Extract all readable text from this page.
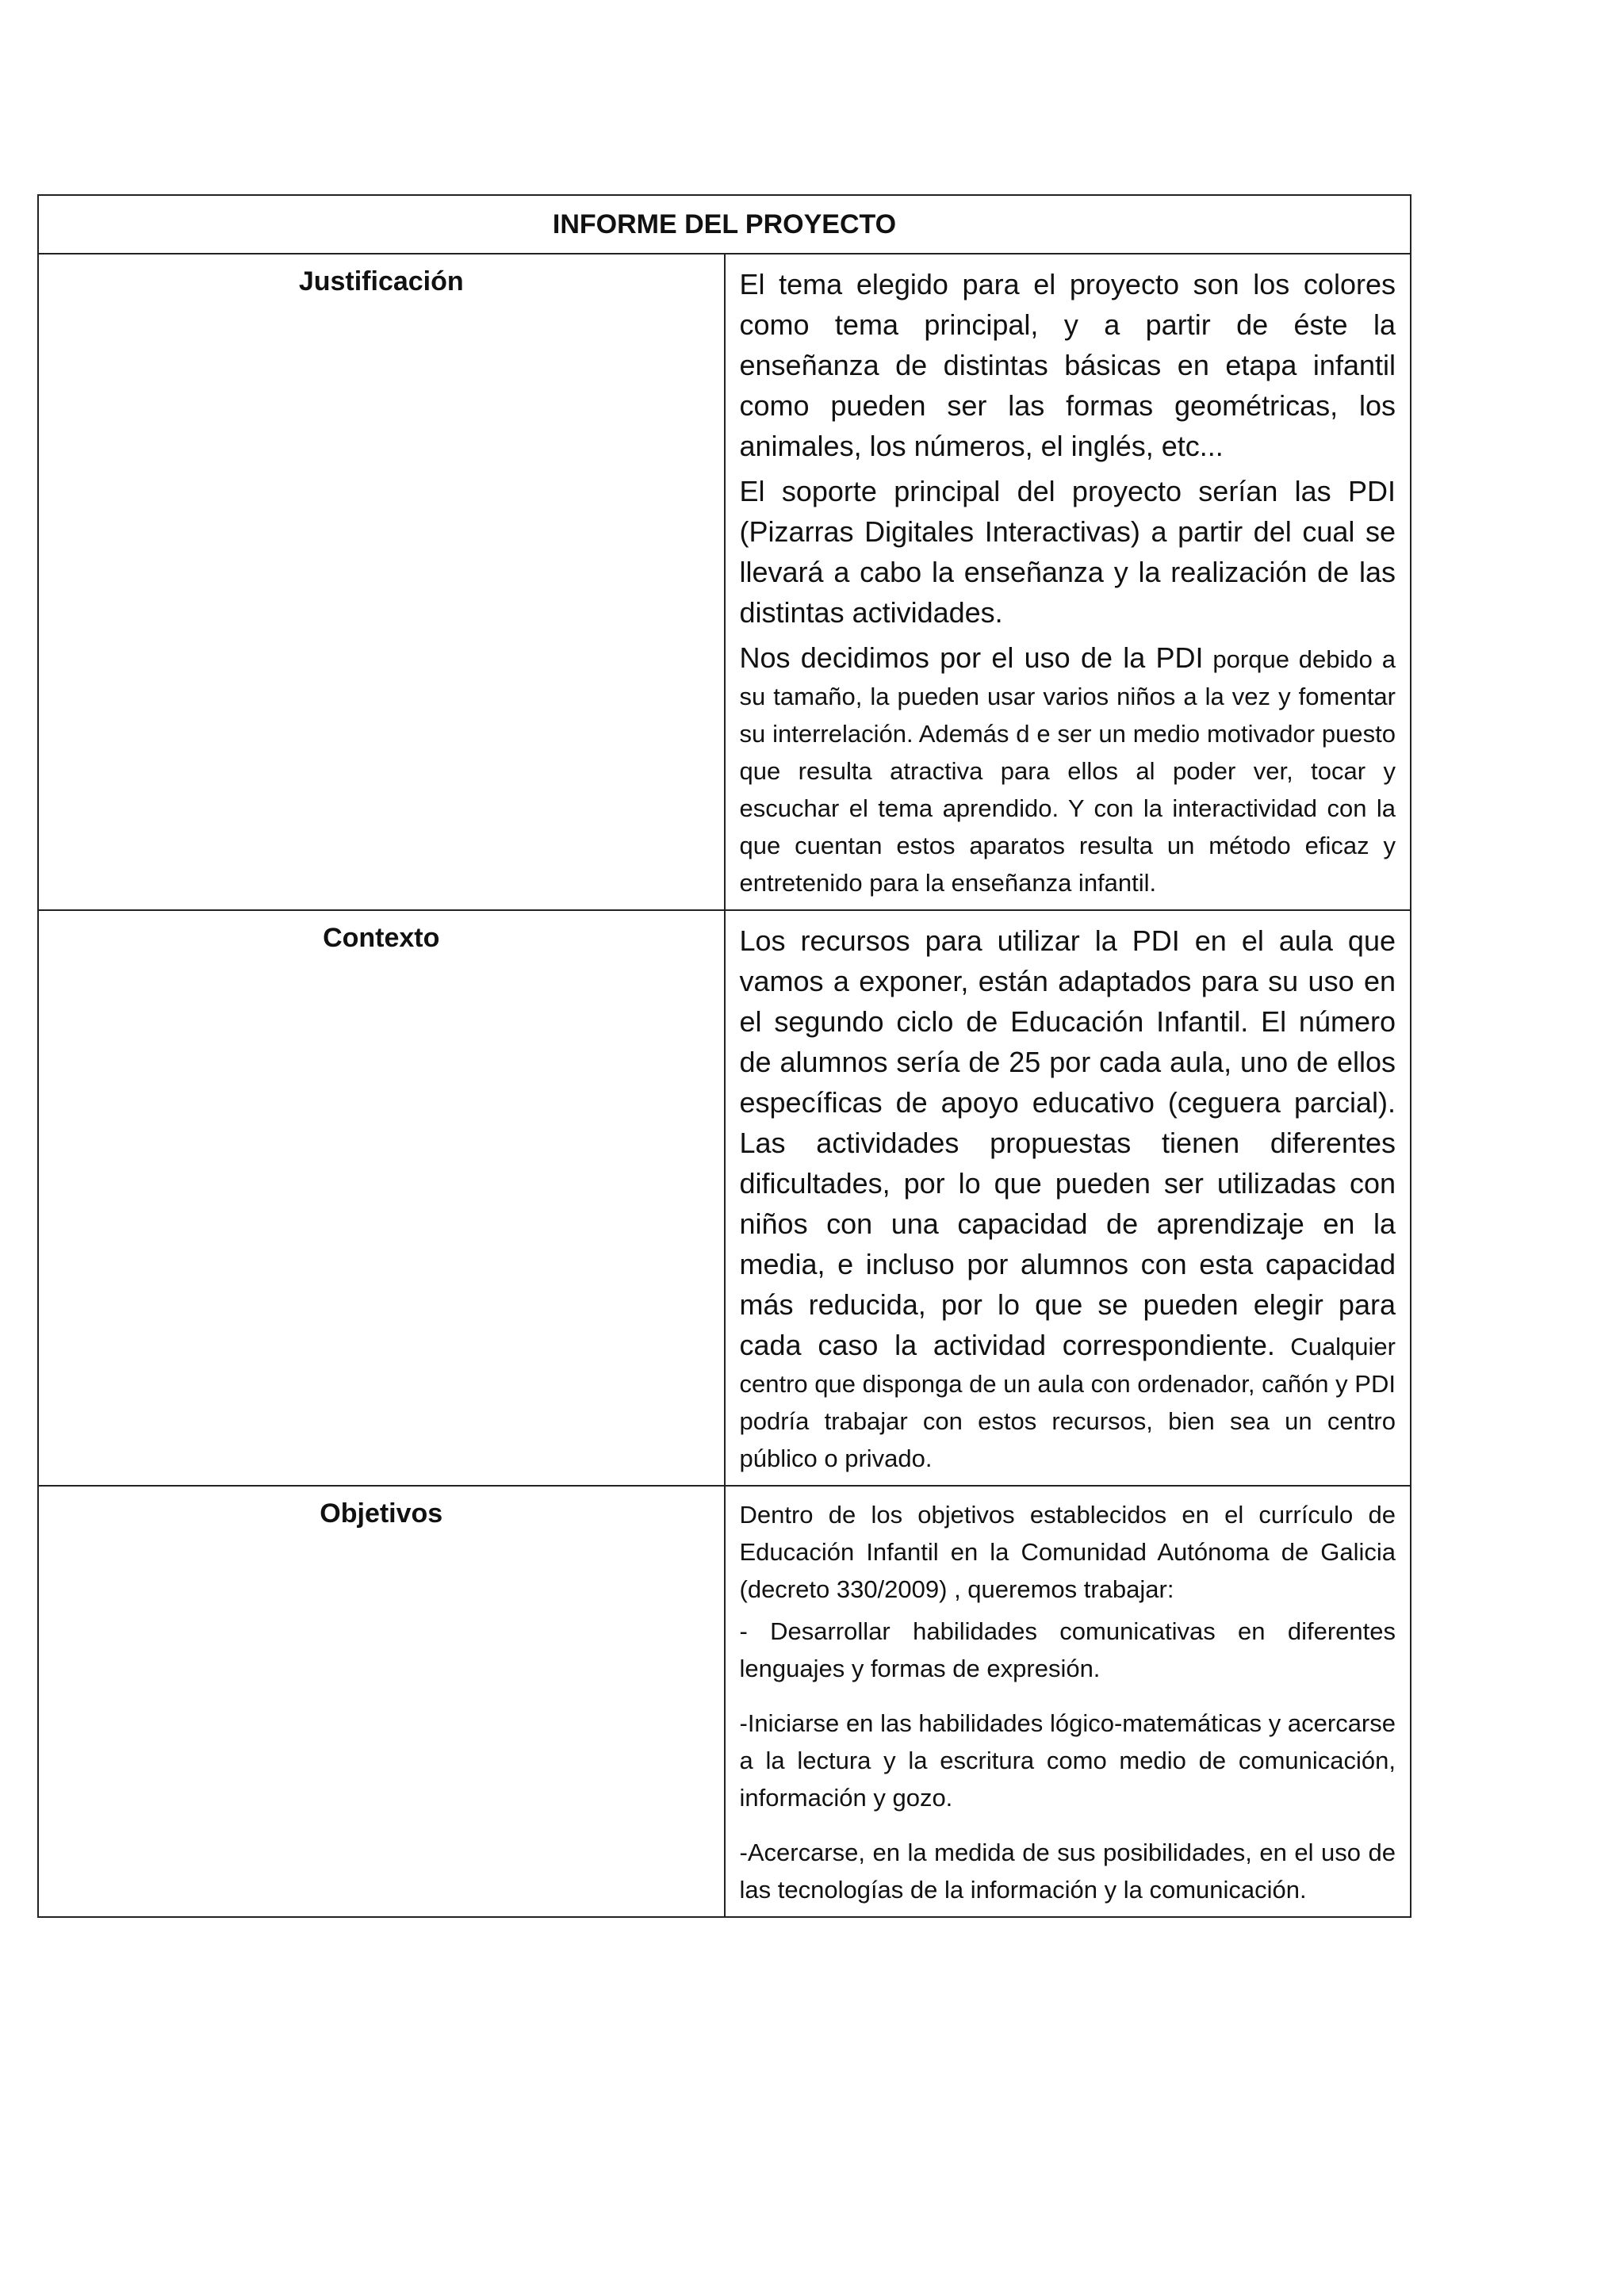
INFORME DEL PROYECTO	
Justificación	El tema elegido para el proyecto son los colores como tema principal, y a partir de éste la enseñanza de distintas básicas en etapa infantil como pueden ser las formas geométricas, los animales, los números, el inglés, etc...

El soporte principal del proyecto serían las PDI (Pizarras Digitales Interactivas) a partir del cual se llevará a cabo la enseñanza y la realización de las distintas actividades.

Nos decidimos por el uso de la PDI porque debido a su tamaño, la pueden usar varios niños a la vez y fomentar su interrelación. Además d e ser un medio motivador puesto que resulta atractiva para ellos al poder ver, tocar y escuchar el tema aprendido. Y con la interactividad con la que cuentan estos aparatos resulta un método eficaz y entretenido para la enseñanza infantil.

Contexto	Los recursos para utilizar la PDI en el aula que vamos a exponer, están adaptados para su uso en el segundo ciclo de Educación Infantil. El número de alumnos sería de 25 por cada aula, uno de ellos específicas de apoyo educativo (ceguera parcial). Las actividades propuestas tienen diferentes dificultades, por lo que pueden ser utilizadas con niños con una capacidad de aprendizaje en la media, e incluso por alumnos con esta capacidad más reducida, por lo que se pueden elegir para cada caso la actividad correspondiente. Cualquier centro que disponga de un aula con ordenador, cañón y PDI podría trabajar con estos recursos, bien sea un centro público o privado.

Objetivos	Dentro de los objetivos establecidos en el currículo de Educación Infantil en la Comunidad Autónoma de Galicia (decreto 330/2009) , queremos trabajar:

- Desarrollar habilidades comunicativas en diferentes lenguajes y formas de expresión.

-Iniciarse en las habilidades lógico-matemáticas y acercarse a la lectura y la escritura como medio de comunicación, información y gozo.

-Acercarse, en la medida de sus posibilidades, en el uso de las tecnologías de la información y la comunicación.
